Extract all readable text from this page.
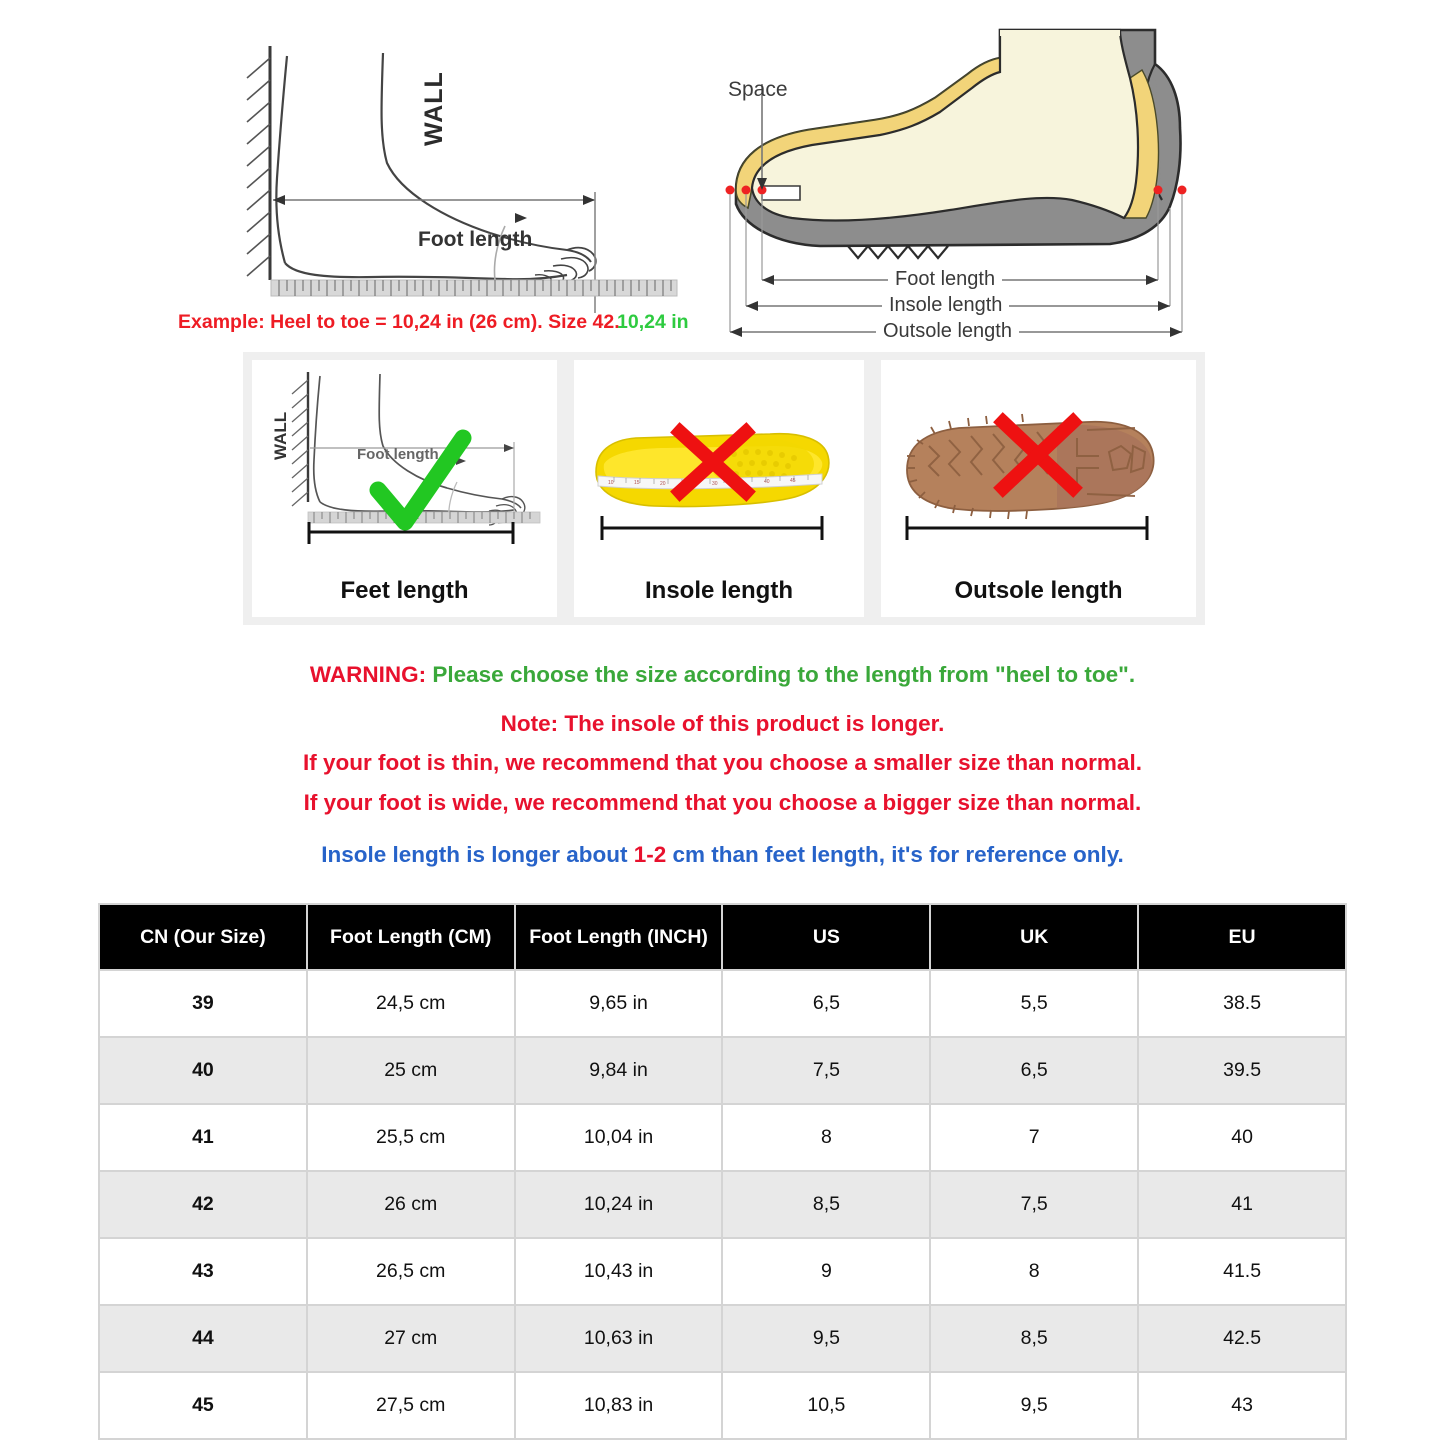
WALL
Foot length
Example: Heel to toe = 10,24 in (26 cm). Size 42.
10,24 in
Space
Foot length
Insole length
Outsole length
Foot length
WALL
Feet length
10	15	20	30	40	45
Insole length	Outsole length
WARNING: Please choose the size according to the length from "heel to toe".
Note: The insole of this product is longer.
If your foot is thin, we recommend that you choose a smaller size than normal.
If your foot is wide, we recommend that you choose a bigger size than normal.
Insole length is longer about 1-2 cm than feet length, it's for reference only.
CN (Our Size)	Foot Length (CM)	Foot Length (INCH)	US	UK	EU
39	24,5 cm	9,65 in	6,5	5,5	38.5
40	25 cm	9,84 in	7,5	6,5	39.5
41	25,5 cm	10,04 in	8	7	40
42	26 cm	10,24 in	8,5	7,5	41
43	26,5 cm	10,43 in	9	8	41.5
44	27 cm	10,63 in	9,5	8,5	42.5
45	27,5 cm	10,83 in	10,5	9,5	43
